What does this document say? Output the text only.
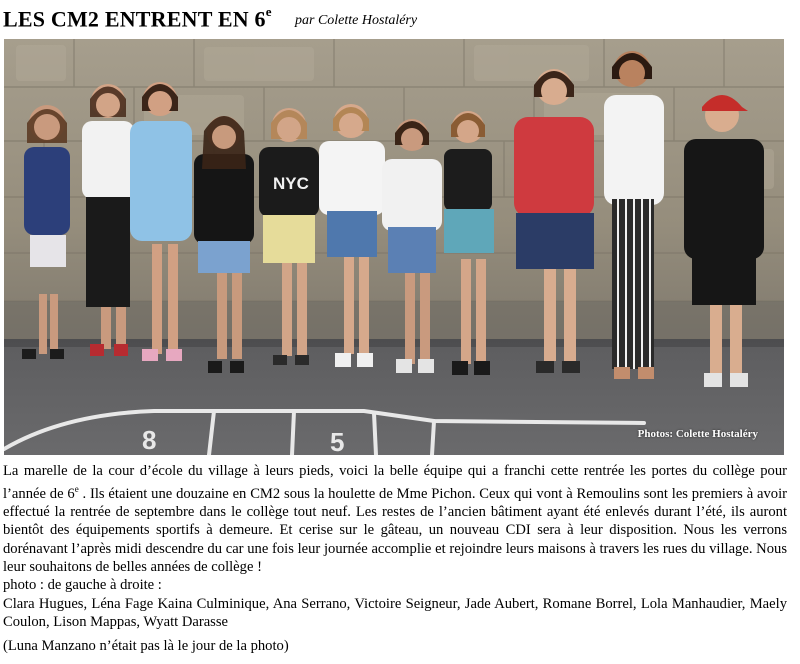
LES CM2 ENTRENT EN 6e
par Colette Hostaléry
8	5
NYC
Photos: Colette Hostaléry
La marelle de la cour d’école du village à leurs pieds, voici la belle équipe qui a franchi cette rentrée les portes du collège pour l’année de 6e . Ils étaient une douzaine en CM2 sous la houlette de Mme Pichon. Ceux qui vont à Remoulins sont les premiers à avoir effectué la rentrée de septembre dans le collège tout neuf. Les restes de l’ancien bâtiment ayant été enlevés durant l’été, ils auront bientôt des équipements sportifs à demeure. Et cerise sur le gâteau, un nouveau CDI sera à leur disposition. Nous les verrons dorénavant l’après midi descendre du car une fois leur journée accomplie et rejoindre leurs maisons à travers les rues du village. Nous leur souhaitons de belles années de collège !
photo : de gauche à droite :
Clara Hugues, Léna Fage Kaina Culminique, Ana Serrano, Victoire Seigneur, Jade Aubert, Romane Borrel, Lola Manhaudier, Maely Coulon, Lison Mappas, Wyatt Darasse
(Luna Manzano n’était pas là le jour de la photo)
